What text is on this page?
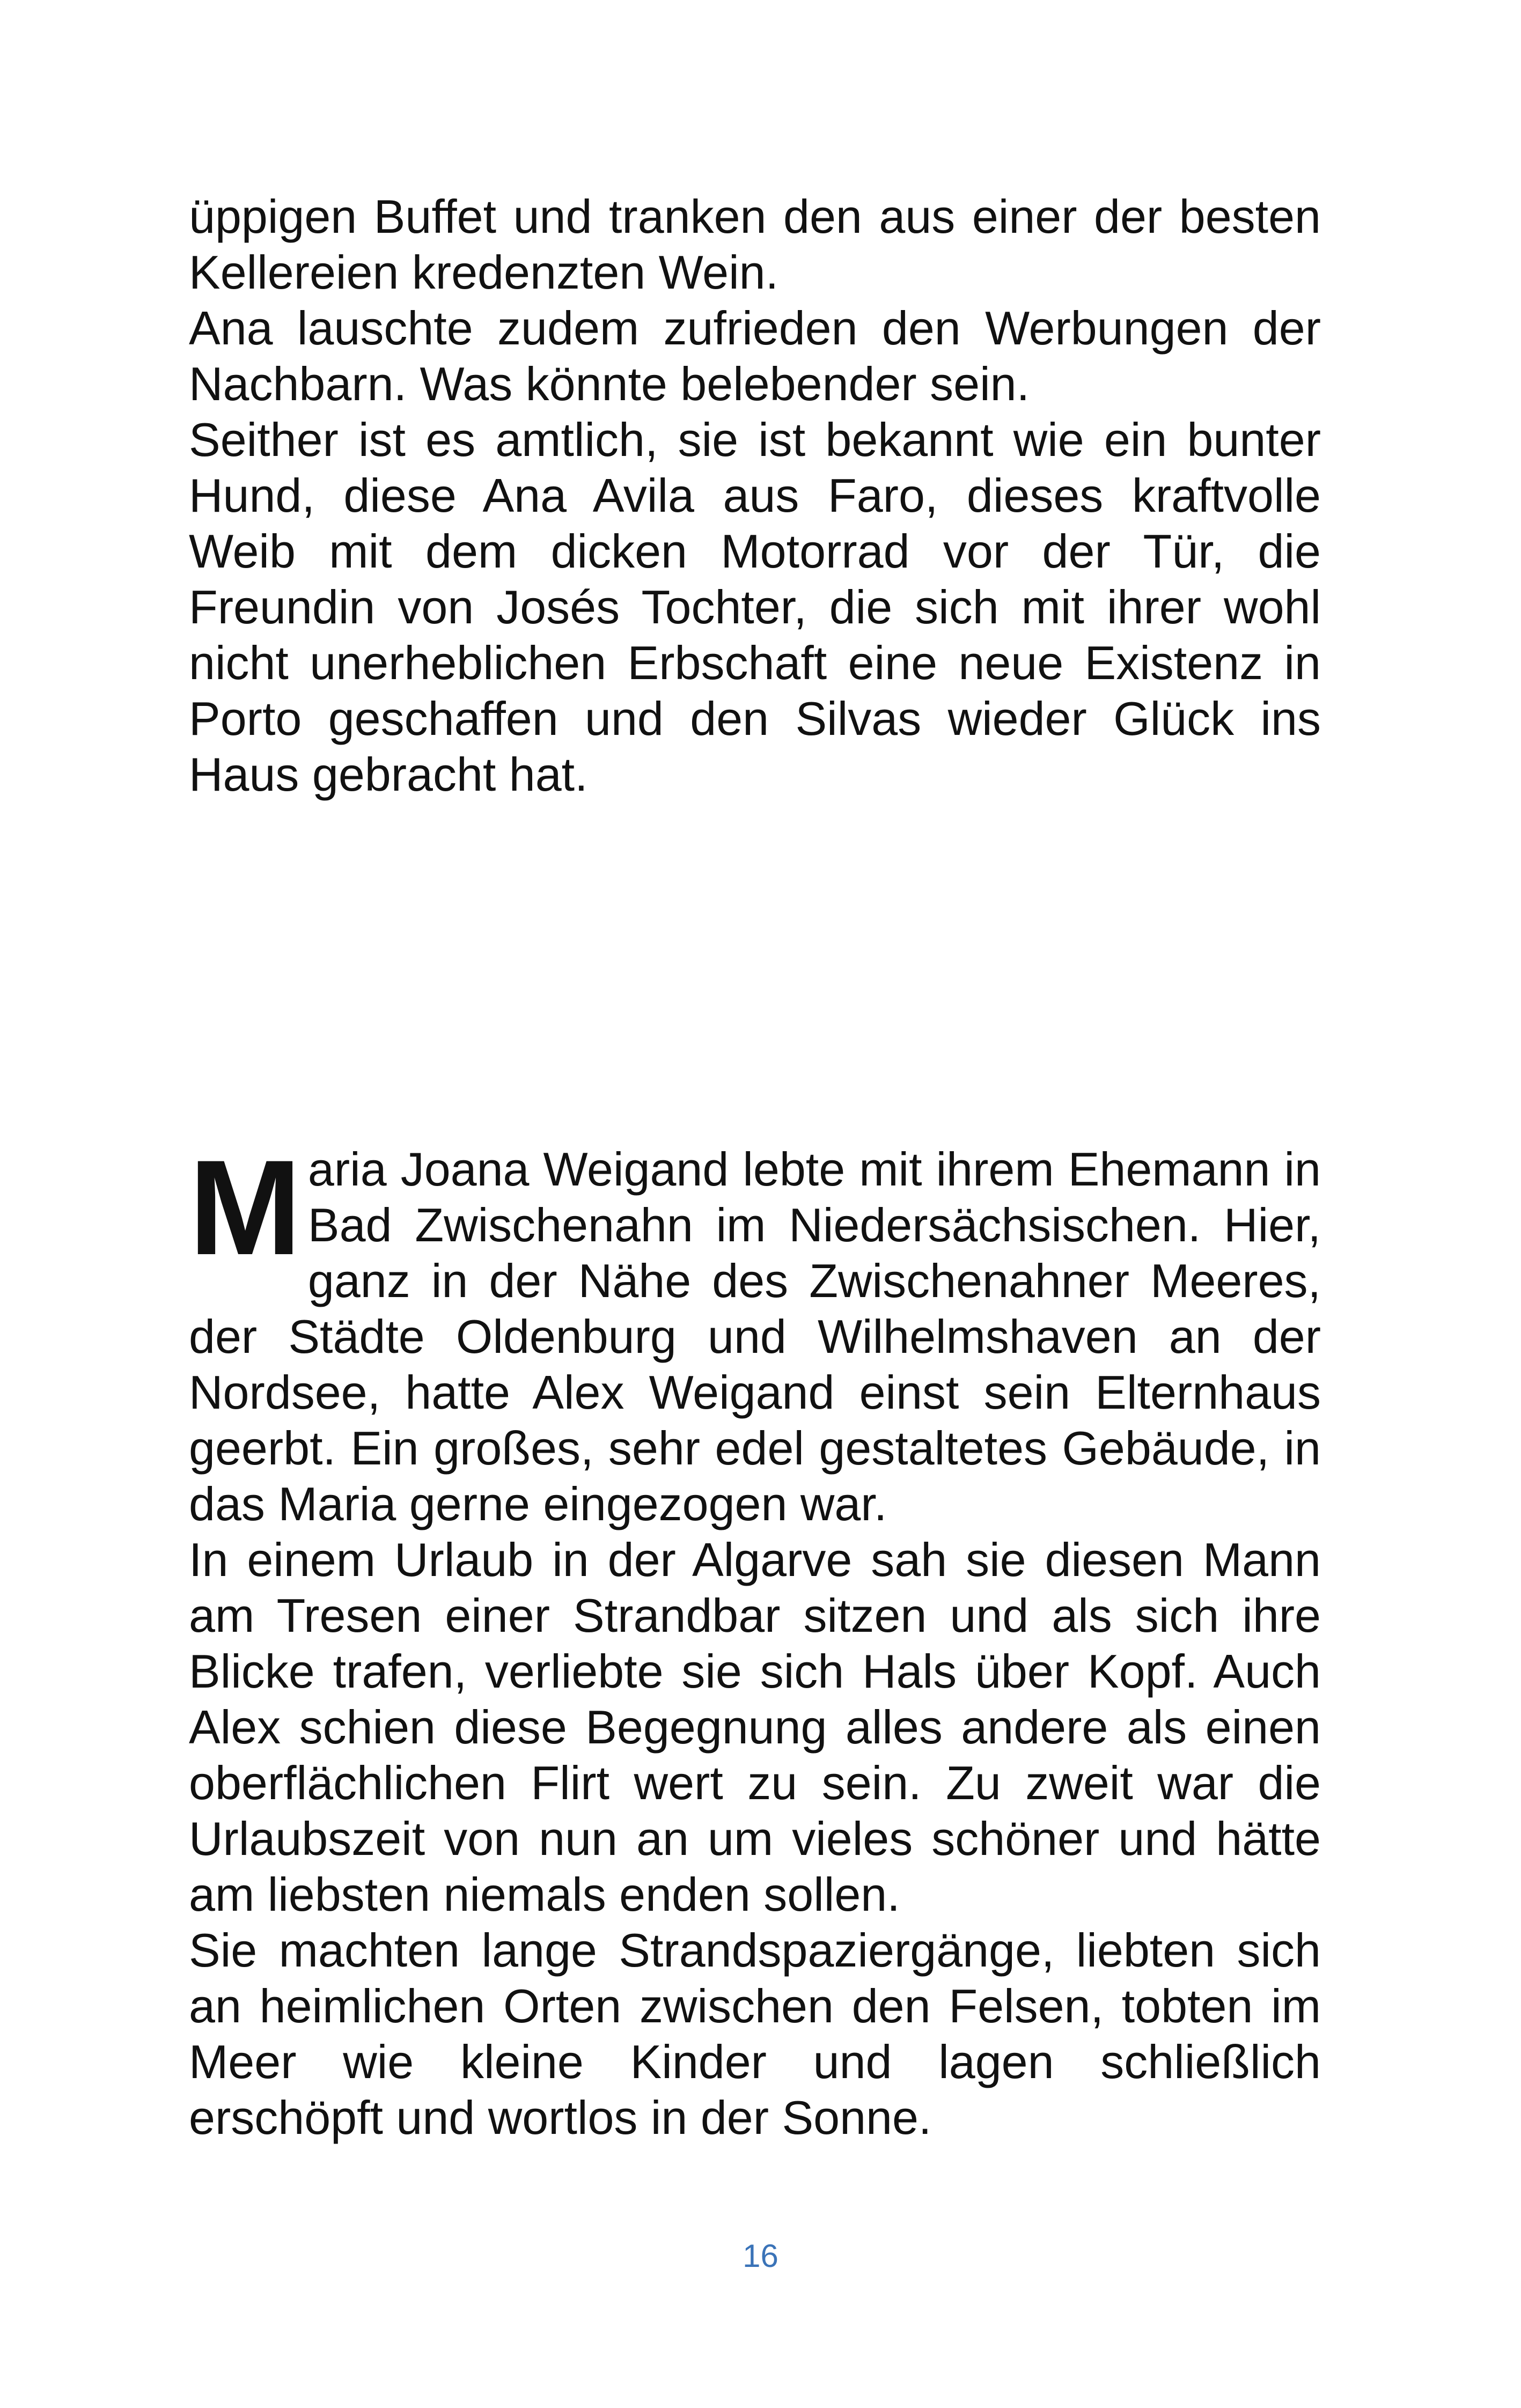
üppigen Buffet und tranken den aus einer der besten Kellereien kredenzten Wein.

Ana lauschte zudem zufrieden den Werbungen der Nachbarn. Was könnte belebender sein.

Seither ist es amtlich, sie ist bekannt wie ein bunter Hund, diese Ana Avila aus Faro, dieses kraftvolle Weib mit dem dicken Motorrad vor der Tür, die Freundin von Josés Tochter, die sich mit ihrer wohl nicht unerheblichen Erbschaft eine neue Existenz in Porto geschaffen und den Silvas wieder Glück ins Haus gebracht hat.

Maria Joana Weigand lebte mit ihrem Ehemann in Bad Zwischenahn im Niedersächsischen. Hier, ganz in der Nähe des Zwischenahner Meeres, der Städte Oldenburg und Wilhelmshaven an der Nordsee, hatte Alex Weigand einst sein Elternhaus geerbt. Ein großes, sehr edel gestaltetes Gebäude, in das Maria gerne eingezogen war.

In einem Urlaub in der Algarve sah sie diesen Mann am Tresen einer Strandbar sitzen und als sich ihre Blicke trafen, verliebte sie sich Hals über Kopf. Auch Alex schien diese Begegnung alles andere als einen oberflächlichen Flirt wert zu sein. Zu zweit war die Urlaubszeit von nun an um vieles schöner und hätte am liebsten niemals enden sollen.

Sie machten lange Strandspaziergänge, liebten sich an heimlichen Orten zwischen den Felsen, tobten im Meer wie kleine Kinder und lagen schließlich erschöpft und wortlos in der Sonne.

16
